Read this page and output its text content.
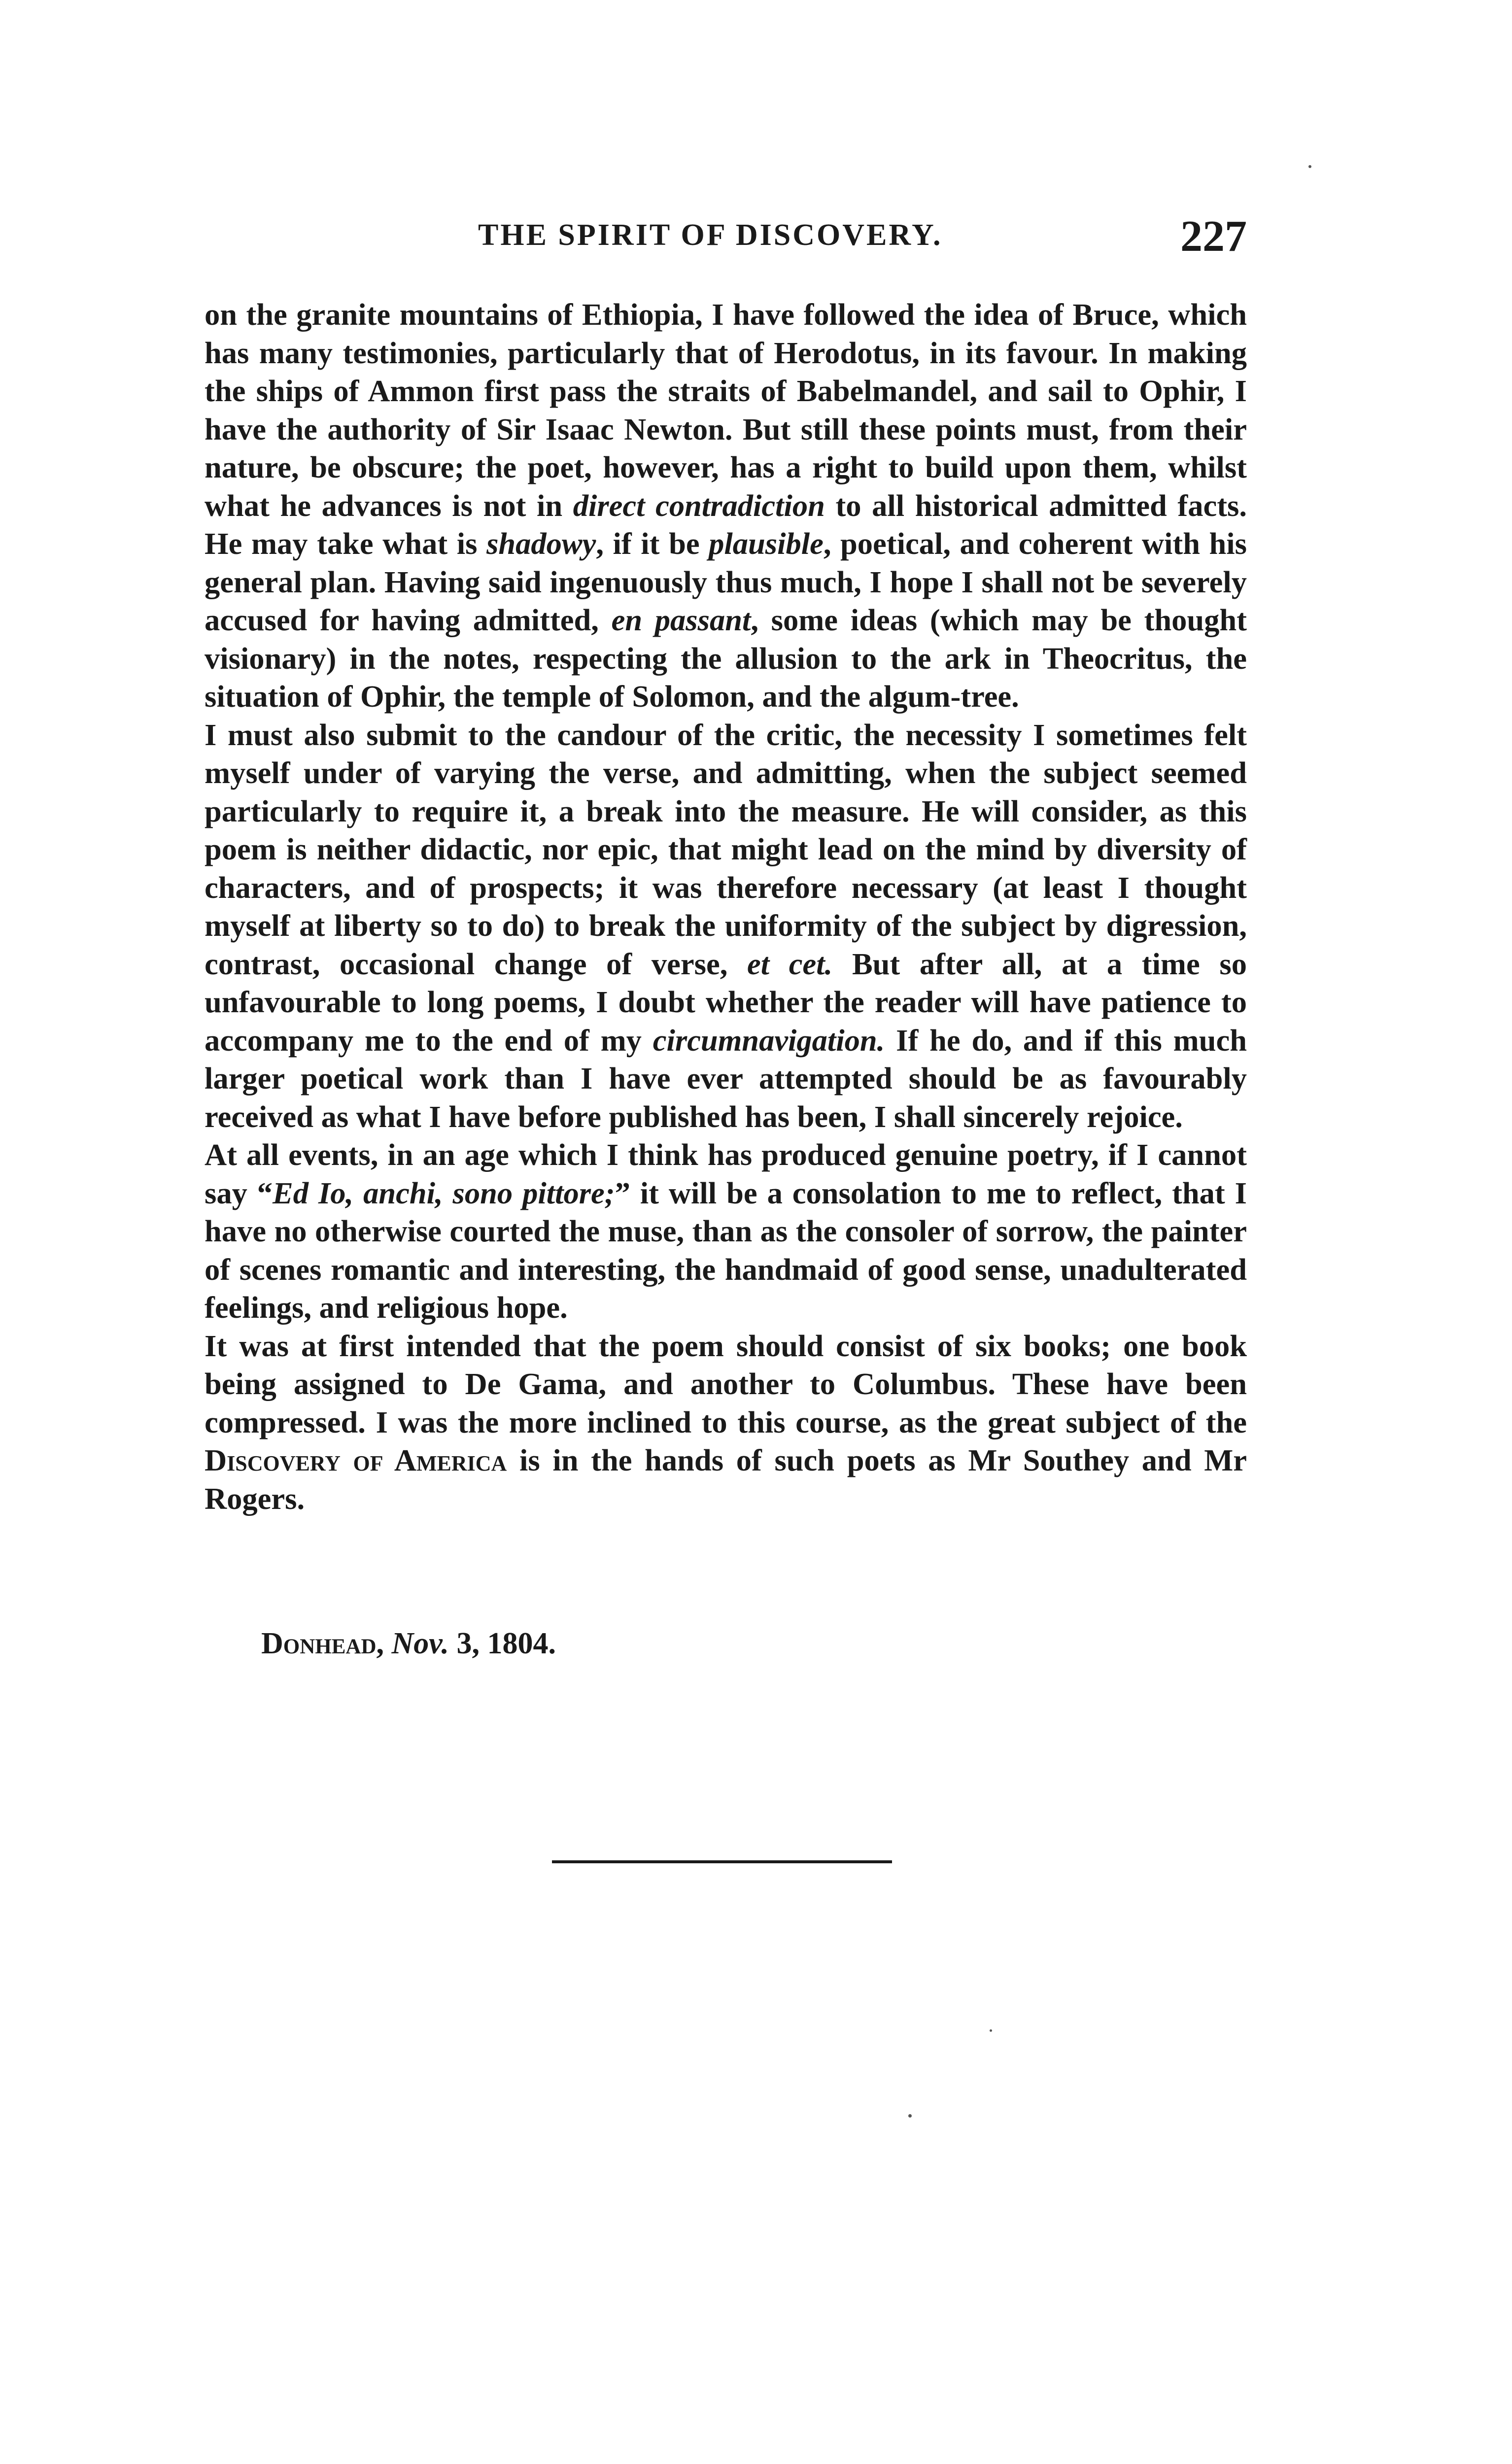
THE SPIRIT OF DISCOVERY.	227

on the granite mountains of Ethiopia, I have followed the idea of Bruce, which has many testimonies, particularly that of Herodotus, in its favour. In making the ships of Ammon first pass the straits of Babelmandel, and sail to Ophir, I have the authority of Sir Isaac Newton. But still these points must, from their nature, be obscure; the poet, however, has a right to build upon them, whilst what he advances is not in direct contradiction to all historical admitted facts. He may take what is shadowy, if it be plausible, poetical, and coherent with his general plan. Having said ingenuously thus much, I hope I shall not be severely accused for having admitted, en passant, some ideas (which may be thought visionary) in the notes, respecting the allusion to the ark in Theocritus, the situation of Ophir, the temple of Solomon, and the algum-tree.

I must also submit to the candour of the critic, the necessity I sometimes felt myself under of varying the verse, and admitting, when the subject seemed particularly to require it, a break into the measure. He will consider, as this poem is neither didactic, nor epic, that might lead on the mind by diversity of characters, and of prospects; it was therefore necessary (at least I thought myself at liberty so to do) to break the uniformity of the subject by digression, contrast, occasional change of verse, et cet. But after all, at a time so unfavourable to long poems, I doubt whether the reader will have patience to accompany me to the end of my circumnavigation. If he do, and if this much larger poetical work than I have ever attempted should be as favourably received as what I have before published has been, I shall sincerely rejoice.

At all events, in an age which I think has produced genuine poetry, if I cannot say “Ed Io, anchi, sono pittore;” it will be a consolation to me to reflect, that I have no otherwise courted the muse, than as the consoler of sorrow, the painter of scenes romantic and interesting, the handmaid of good sense, unadulterated feelings, and religious hope.

It was at first intended that the poem should consist of six books; one book being assigned to De Gama, and another to Columbus. These have been compressed. I was the more inclined to this course, as the great subject of the Discovery of America is in the hands of such poets as Mr Southey and Mr Rogers.

Donhead, Nov. 3, 1804.
